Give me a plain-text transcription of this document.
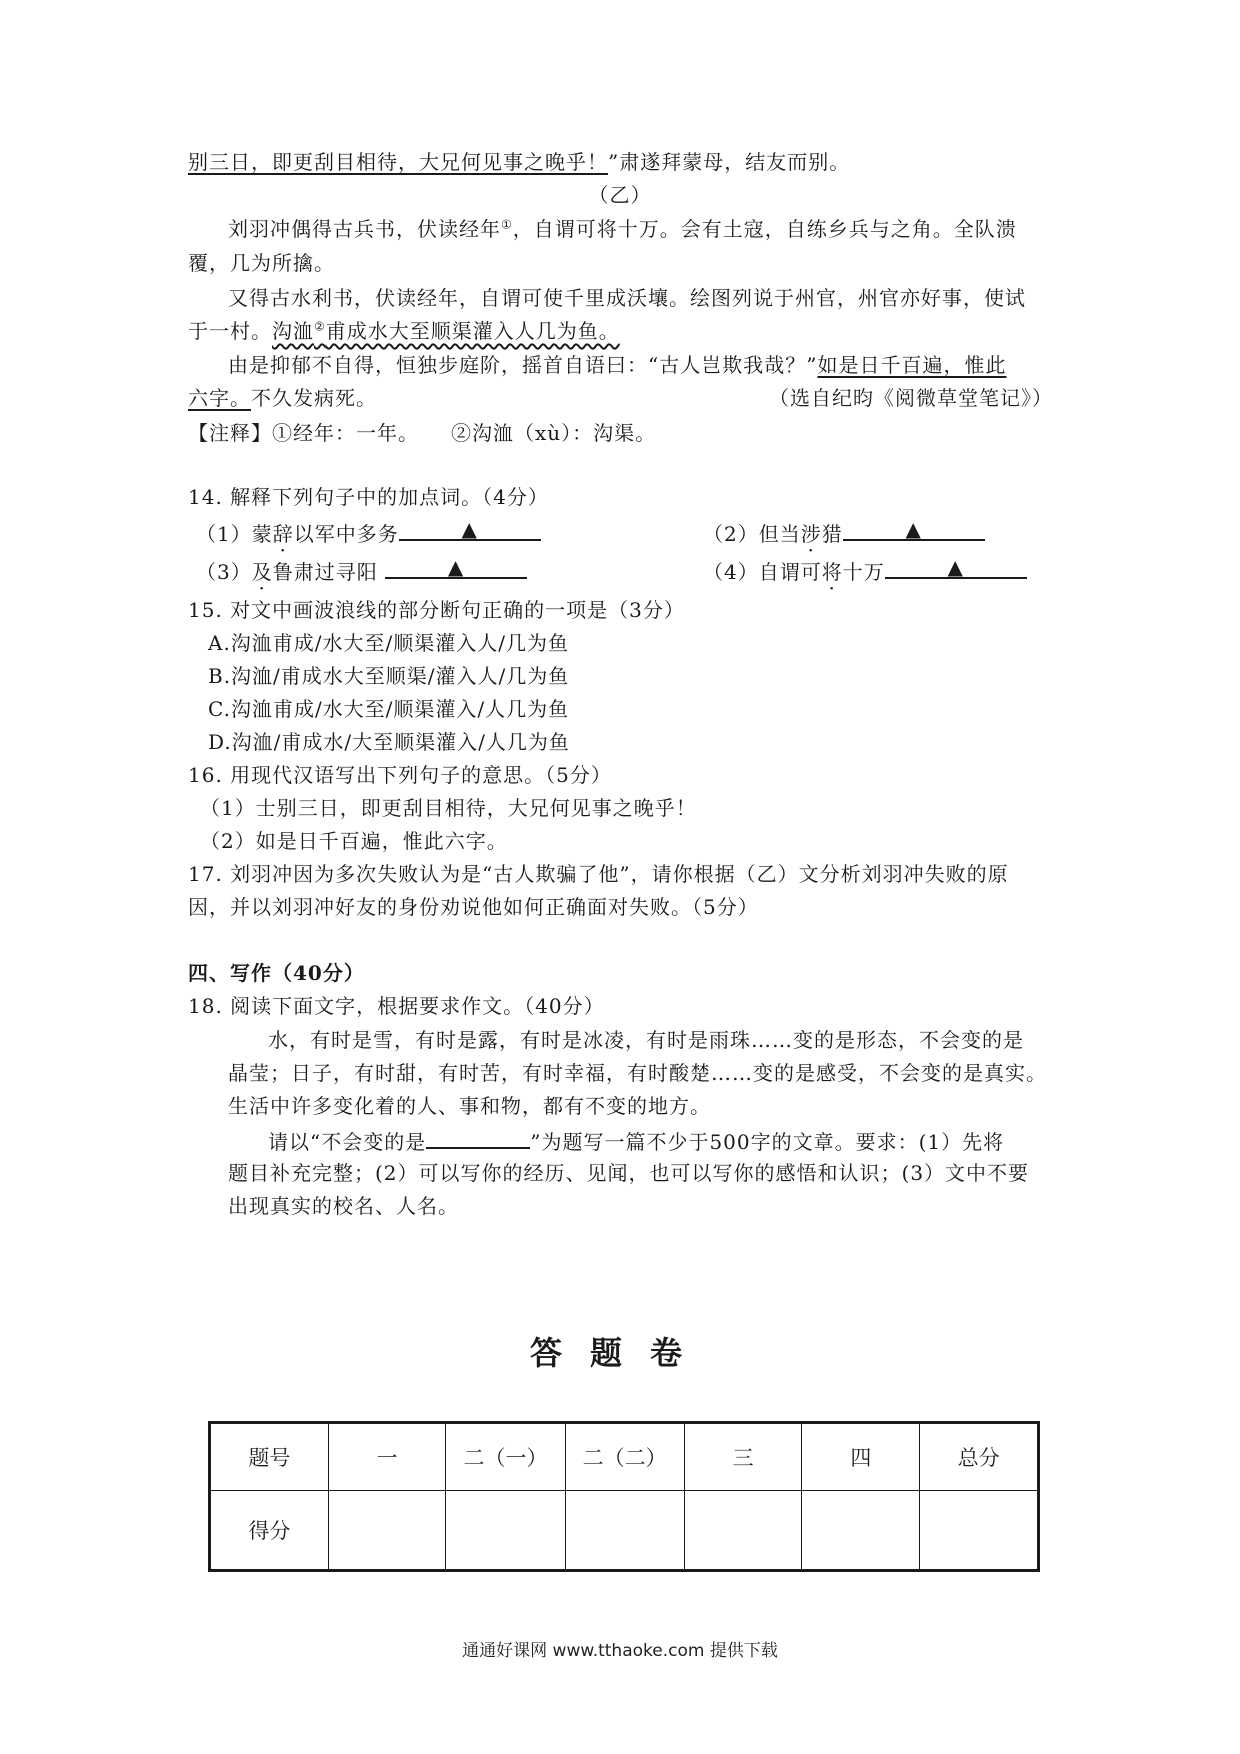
别三日，即更刮目相待，大兄何见事之晚乎！”肃遂拜蒙母，结友而别。
（乙）
刘羽冲偶得古兵书，伏读经年①，自谓可将十万。会有土寇，自练乡兵与之角。全队溃
覆，几为所擒。
又得古水利书，伏读经年，自谓可使千里成沃壤。绘图列说于州官，州官亦好事，使试
于一村。沟洫②甫成水大至顺渠灌入人几为鱼。
由是抑郁不自得，恒独步庭阶，摇首自语曰：“古人岂欺我哉？”如是日千百遍，惟此
六字。不久发病死。	（选自纪昀《阅微草堂笔记》）
【注释】①经年：一年。　　②沟洫（xù）：沟渠。
14. 解释下列句子中的加点词。（4分）
（1）蒙辞以军中多务	▲	（2）但当涉猎	▲
（3）及鲁肃过寻阳	▲	（4）自谓可将十万	▲
15. 对文中画波浪线的部分断句正确的一项是（3分）
A.沟洫甫成/水大至/顺渠灌入人/几为鱼
B.沟洫/甫成水大至顺渠/灌入人/几为鱼
C.沟洫甫成/水大至/顺渠灌入/人几为鱼
D.沟洫/甫成水/大至顺渠灌入/人几为鱼
16. 用现代汉语写出下列句子的意思。（5分）
（1）士别三日，即更刮目相待，大兄何见事之晚乎！
（2）如是日千百遍，惟此六字。
17. 刘羽冲因为多次失败认为是“古人欺骗了他”，请你根据（乙）文分析刘羽冲失败的原
因，并以刘羽冲好友的身份劝说他如何正确面对失败。（5分）
四、写作（40分）
18. 阅读下面文字，根据要求作文。（40分）
水，有时是雪，有时是露，有时是冰凌，有时是雨珠……变的是形态，不会变的是
晶莹；日子，有时甜，有时苦，有时幸福，有时酸楚……变的是感受，不会变的是真实。
生活中许多变化着的人、事和物，都有不变的地方。
请以“不会变的是	”为题写一篇不少于500字的文章。要求：(1）先将
题目补充完整；(2）可以写你的经历、见闻，也可以写你的感悟和认识；(3）文中不要
出现真实的校名、人名。
答题卷
题号	一	二（一）	二（二）	三	四	总分
得分						
通通好课网 www.tthaoke.com 提供下载
